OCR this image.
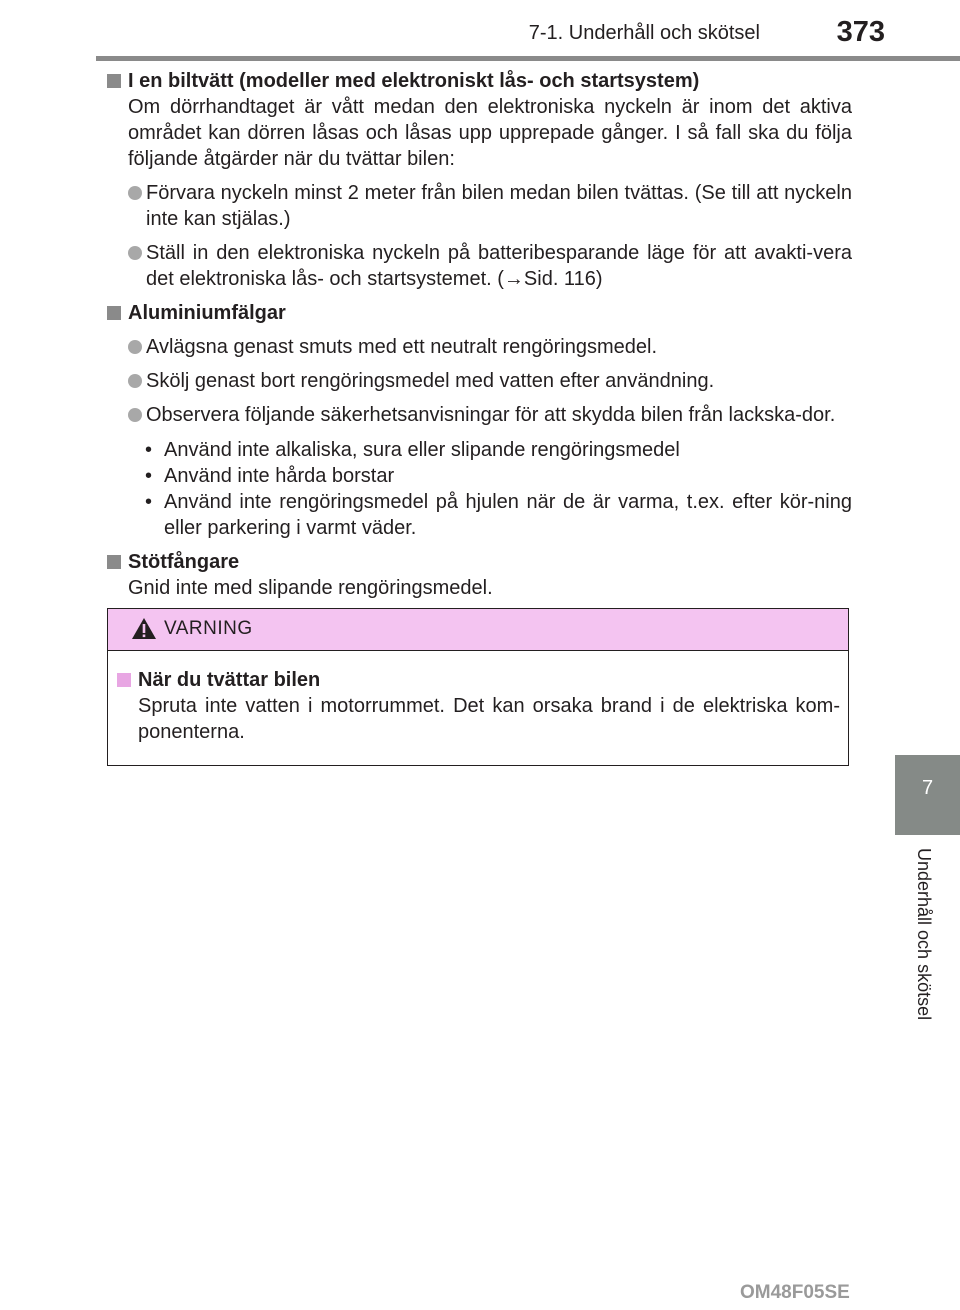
7-1. Underhåll och skötsel	373
7
Underhåll och skötsel
I en biltvätt (modeller med elektroniskt lås- och startsystem)
Om dörrhandtaget är vått medan den elektroniska nyckeln är inom det aktiva området kan dörren låsas och låsas upp upprepade gånger. I så fall ska du följa följande åtgärder när du tvättar bilen:
Förvara nyckeln minst 2 meter från bilen medan bilen tvättas. (Se till att nyckeln inte kan stjälas.)
Ställ in den elektroniska nyckeln på batteribesparande läge för att avakti-vera det elektroniska lås- och startsystemet. (→Sid. 116)
Aluminiumfälgar
Avlägsna genast smuts med ett neutralt rengöringsmedel.
Skölj genast bort rengöringsmedel med vatten efter användning.
Observera följande säkerhetsanvisningar för att skydda bilen från lackska-dor.
• Använd inte alkaliska, sura eller slipande rengöringsmedel
• Använd inte hårda borstar
• Använd inte rengöringsmedel på hjulen när de är varma, t.ex. efter kör-ning eller parkering i varmt väder.
Stötfångare
Gnid inte med slipande rengöringsmedel.
VARNING
När du tvättar bilen
Spruta inte vatten i motorrummet. Det kan orsaka brand i de elektriska kom-ponenterna.
OM48F05SE
